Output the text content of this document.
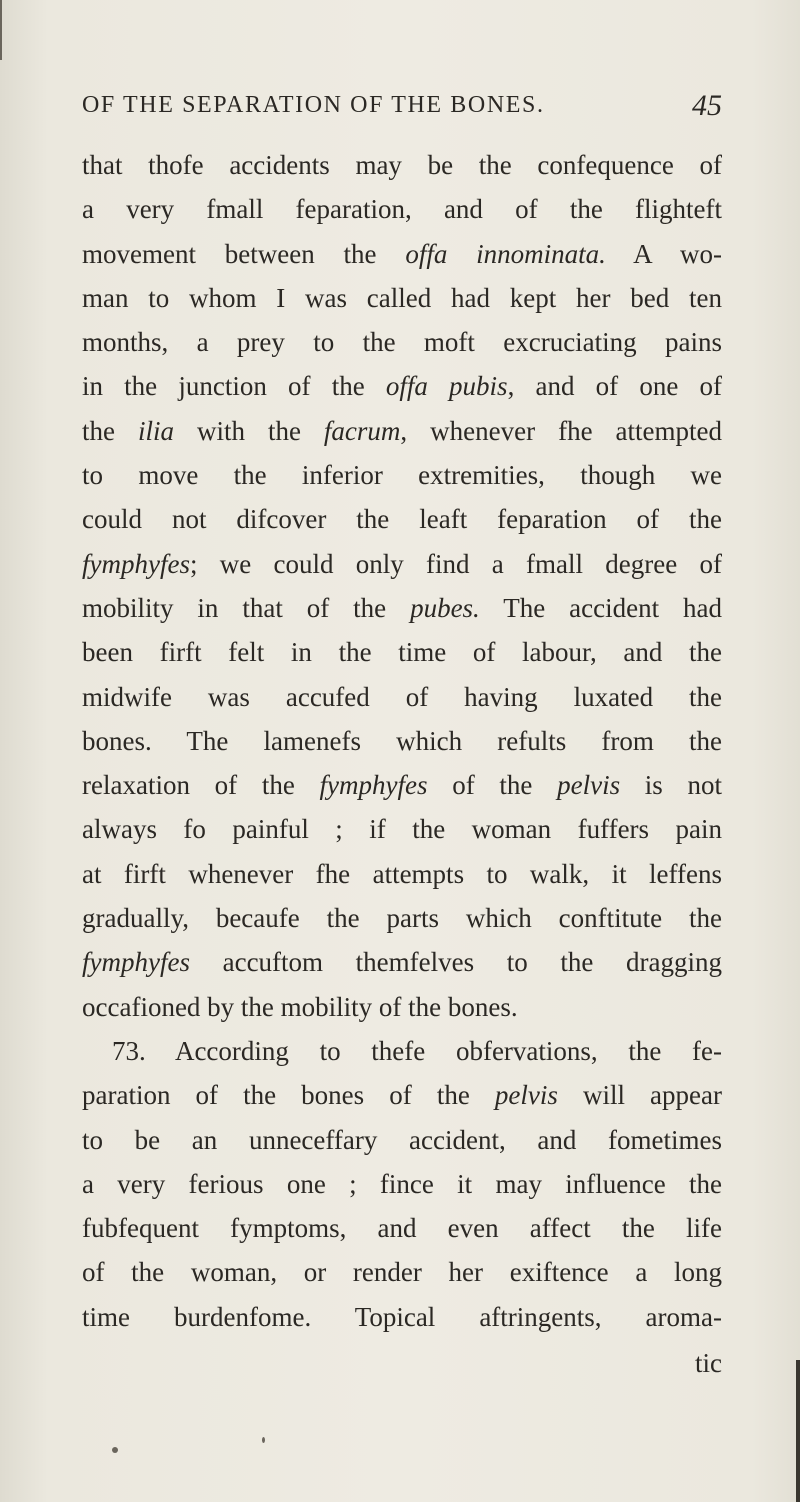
OF THE SEPARATION OF THE BONES.	45
that thofe accidents may be the confequence of
a very fmall feparation, and of the flighteft
movement between the offa innominata. A wo-
man to whom I was called had kept her bed ten
months, a prey to the moft excruciating pains
in the junction of the offa pubis, and of one of
the ilia with the facrum, whenever fhe attempted
to move the inferior extremities, though we
could not difcover the leaft feparation of the
fymphyfes; we could only find a fmall degree of
mobility in that of the pubes. The accident had
been firft felt in the time of labour, and the
midwife was accufed of having luxated the
bones. The lamenefs which refults from the
relaxation of the fymphyfes of the pelvis is not
always fo painful ; if the woman fuffers pain
at firft whenever fhe attempts to walk, it leffens
gradually, becaufe the parts which conftitute the
fymphyfes accuftom themfelves to the dragging
occafioned by the mobility of the bones.
73. According to thefe obfervations, the fe-
paration of the bones of the pelvis will appear
to be an unneceffary accident, and fometimes
a very ferious one ; fince it may influence the
fubfequent fymptoms, and even affect the life
of the woman, or render her exiftence a long
time burdenfome. Topical aftringents, aroma-
tic
